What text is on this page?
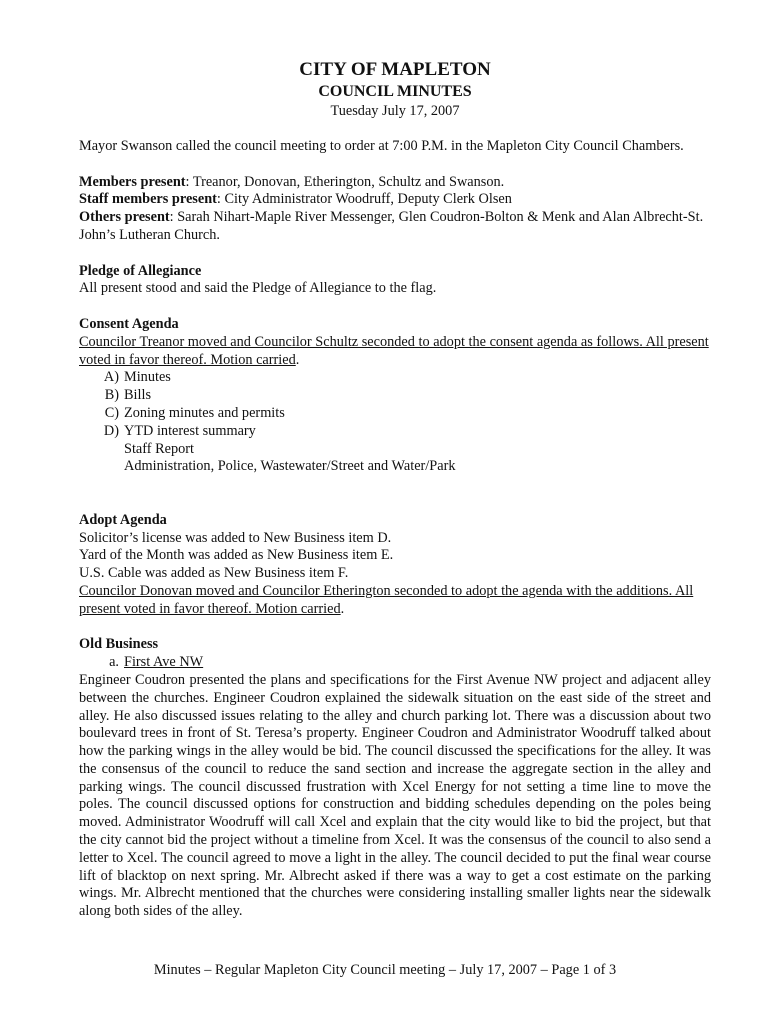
CITY OF MAPLETON

COUNCIL MINUTES

Tuesday July 17, 2007

Mayor Swanson called the council meeting to order at 7:00 P.M. in the Mapleton City Council Chambers.

Members present: Treanor, Donovan, Etherington, Schultz and Swanson.

Staff members present: City Administrator Woodruff, Deputy Clerk Olsen

Others present: Sarah Nihart-Maple River Messenger, Glen Coudron-Bolton & Menk and Alan Albrecht-St. John’s Lutheran Church.

Pledge of Allegiance

All present stood and said the Pledge of Allegiance to the flag.

Consent Agenda

Councilor Treanor moved and Councilor Schultz seconded to adopt the consent agenda as follows. All present voted in favor thereof. Motion carried.

A) Minutes
B) Bills
C) Zoning minutes and permits
D) YTD interest summary

Staff Report

Administration, Police, Wastewater/Street and Water/Park

Adopt Agenda

Solicitor’s license was added to New Business item D.

Yard of the Month was added as New Business item E.

U.S. Cable was added as New Business item F.

Councilor Donovan moved and Councilor Etherington seconded to adopt the agenda with the additions. All present voted in favor thereof. Motion carried.

Old Business

a. First Ave NW

Engineer Coudron presented the plans and specifications for the First Avenue NW project and adjacent alley between the churches. Engineer Coudron explained the sidewalk situation on the east side of the street and alley. He also discussed issues relating to the alley and church parking lot. There was a discussion about two boulevard trees in front of St. Teresa’s property. Engineer Coudron and Administrator Woodruff talked about how the parking wings in the alley would be bid. The council discussed the specifications for the alley. It was the consensus of the council to reduce the sand section and increase the aggregate section in the alley and parking wings. The council discussed frustration with Xcel Energy for not setting a time line to move the poles. The council discussed options for construction and bidding schedules depending on the poles being moved. Administrator Woodruff will call Xcel and explain that the city would like to bid the project, but that the city cannot bid the project without a timeline from Xcel. It was the consensus of the council to also send a letter to Xcel. The council agreed to move a light in the alley. The council decided to put the final wear course lift of blacktop on next spring. Mr. Albrecht asked if there was a way to get a cost estimate on the parking wings. Mr. Albrecht mentioned that the churches were considering installing smaller lights near the sidewalk along both sides of the alley.

Minutes – Regular Mapleton City Council meeting – July 17, 2007 – Page 1 of 3
